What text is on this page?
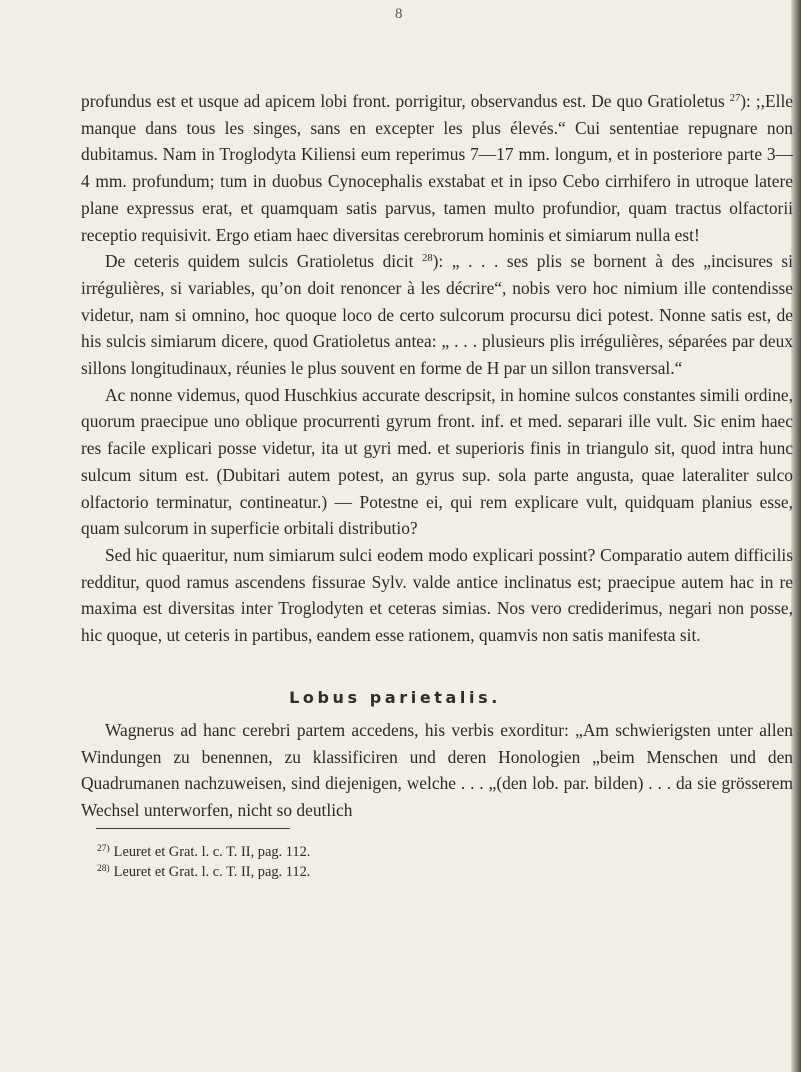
8

profundus est et usque ad apicem lobi front. porrigitur, observandus est. De quo Gratioletus $^{27}$): ;,Elle manque dans tous les singes, sans en excepter les plus élevés.“ Cui sententiae repugnare non dubitamus. Nam in Troglodyta Kiliensi eum reperimus 7—17 mm. longum, et in posteriore parte 3—4 mm. profundum; tum in duobus Cynocephalis exstabat et in ipso Cebo cirrhifero in utroque latere plane expressus erat, et quamquam satis parvus, tamen multo profundior, quam tractus olfactorii receptio requisivit. Ergo etiam haec diversitas cerebrorum hominis et simiarum nulla est!

De ceteris quidem sulcis Gratioletus dicit $^{28}$): „ . . . ses plis se bornent à des „incisures si irrégulières, si variables, qu’on doit renoncer à les décrire“, nobis vero hoc nimium ille contendisse videtur, nam si omnino, hoc quoque loco de certo sulcorum procursu dici potest. Nonne satis est, de his sulcis simiarum dicere, quod Gratioletus antea: „ . . . plusieurs plis irrégulières, séparées par deux sillons longitudinaux, réunies le plus souvent en forme de H par un sillon transversal.“

Ac nonne videmus, quod Huschkius accurate descripsit, in homine sulcos constantes simili ordine, quorum praecipue uno oblique procurrenti gyrum front. inf. et med. separari ille vult. Sic enim haec res facile explicari posse videtur, ita ut gyri med. et superioris finis in triangulo sit, quod intra hunc sulcum situm est. (Dubitari autem potest, an gyrus sup. sola parte angusta, quae lateraliter sulco olfactorio terminatur, contineatur.) — Potestne ei, qui rem explicare vult, quidquam planius esse, quam sulcorum in superficie orbitali distributio?

Sed hic quaeritur, num simiarum sulci eodem modo explicari possint? Comparatio autem difficilis redditur, quod ramus ascendens fissurae Sylv. valde antice inclinatus est; praecipue autem hac in re maxima est diversitas inter Troglodyten et ceteras simias. Nos vero crediderimus, negari non posse, hic quoque, ut ceteris in partibus, eandem esse rationem, quamvis non satis manifesta sit.

Lobus parietalis.

Wagnerus ad hanc cerebri partem accedens, his verbis exorditur: „Am schwierigsten unter allen Windungen zu benennen, zu klassificiren und deren Honologien „beim Menschen und den Quadrumanen nachzuweisen, sind diejenigen, welche . . . „(den lob. par. bilden) . . . da sie grösserem Wechsel unterworfen, nicht so deutlich

$^{27)}$ Leuret et Grat. l. c. T. II, pag. 112.
$^{28)}$ Leuret et Grat. l. c. T. II, pag. 112.
